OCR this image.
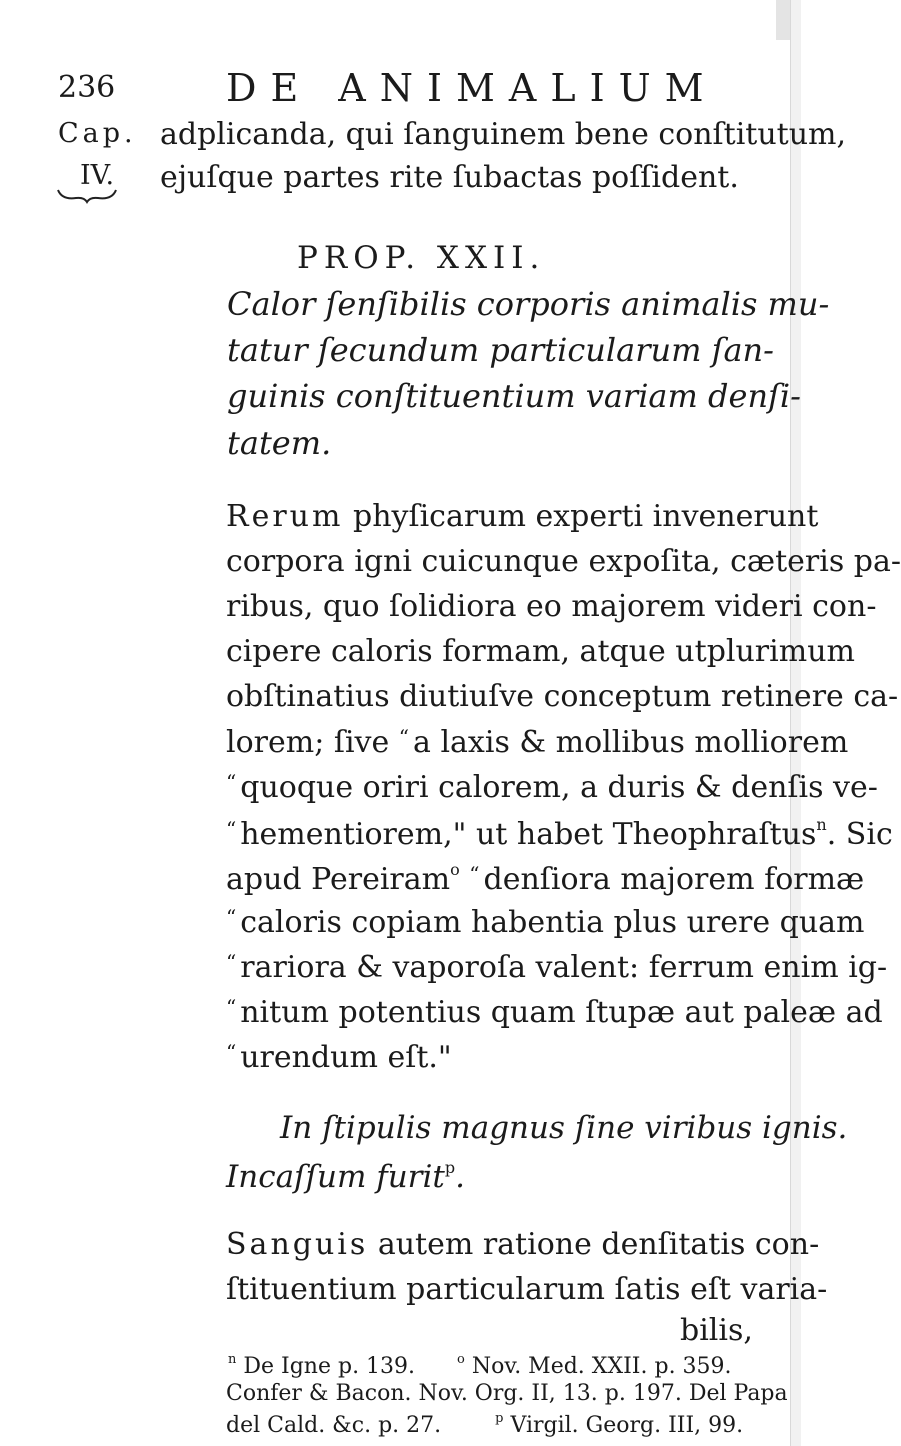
236	DE ANIMALIUM
Cap.
IV.
adplicanda, qui ſanguinem bene conſtitutum,
ejuſque partes rite ſubactas poſſident.
PROP. XXII.
Calor ſenſibilis corporis animalis mu-
tatur ſecundum particularum ſan-
guinis conſtituentium variam denſi-
tatem.
Rerum phyſicarum experti invenerunt
corpora igni cuicunque expoſita, cæteris pa-
ribus, quo ſolidiora eo majorem videri con-
cipere caloris formam, atque utplurimum
obſtinatius diutiuſve conceptum retinere ca-
lorem; ſive “ a laxis & mollibus molliorem
“ quoque oriri calorem, a duris & denſis ve-
“ hementiorem," ut habet Theophraſtus$^n$. Sic
apud Pereiram$^o$ “ denſiora majorem formæ
“ caloris copiam habentia plus urere quam
“ rariora & vaporoſa valent: ferrum enim ig-
“ nitum potentius quam ſtupæ aut paleæ ad
“ urendum eſt."
In ſtipulis magnus ſine viribus ignis.
Incaſſum furit$^p$.
Sanguis autem ratione denſitatis con-
ſtituentium particularum ſatis eſt varia-
bilis,
$^n$ De Igne p. 139.	$^o$ Nov. Med. XXII. p. 359.
Confer & Bacon. Nov. Org. II, 13. p. 197. Del Papa
del Cald. &c. p. 27.	$^p$ Virgil. Georg. III, 99.
